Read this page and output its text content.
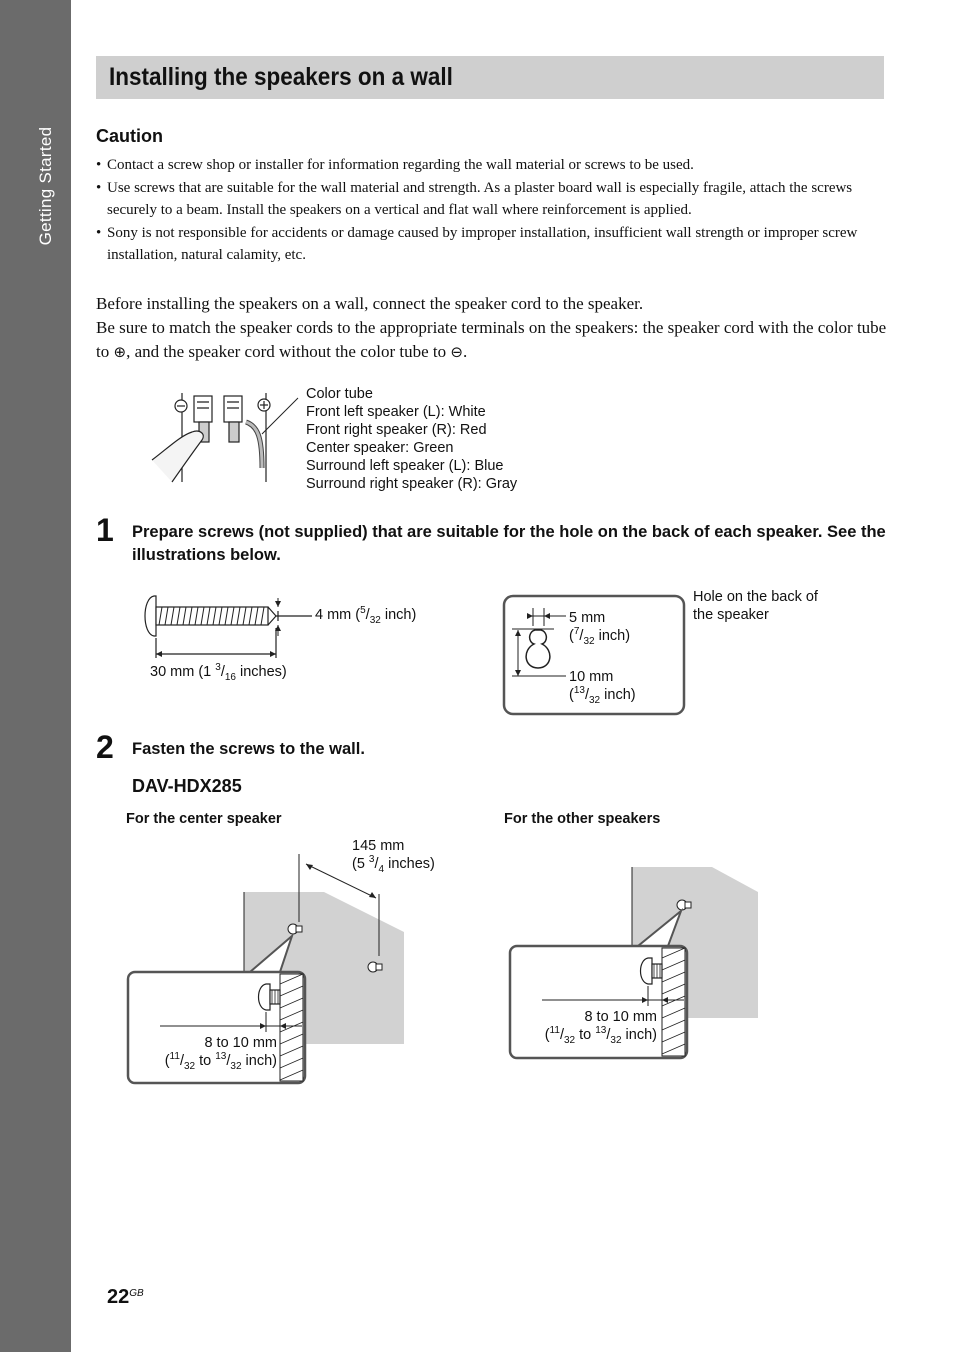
Getting Started
Installing the speakers on a wall
Caution
• Contact a screw shop or installer for information regarding the wall material or screws to be used.
• Use screws that are suitable for the wall material and strength. As a plaster board wall is especially fragile, attach the screws securely to a beam. Install the speakers on a vertical and flat wall where reinforcement is applied.
• Sony is not responsible for accidents or damage caused by improper installation, insufficient wall strength or improper screw installation, natural calamity, etc.

Before installing the speakers on a wall, connect the speaker cord to the speaker.

Be sure to match the speaker cords to the appropriate terminals on the speakers: the speaker cord with the color tube to ⊕, and the speaker cord without the color tube to ⊖.

Color tube
Front left speaker (L): White
Front right speaker (R): Red
Center speaker: Green
Surround left speaker (L): Blue
Surround right speaker (R): Gray
1 Prepare screws (not supplied) that are suitable for the hole on the back of each speaker. See the illustrations below.
4 mm ($^5/_{32}$ inch)
30 mm (1 $^3/_{16}$ inches)
5 mm
($^7/_{32}$ inch)
10 mm
($^{13}/_{32}$ inch)
Hole on the back of
the speaker
2 Fasten the screws to the wall.
DAV-HDX285
For the center speaker	For the other speakers
145 mm
(5 $^3/_4$ inches)
8 to 10 mm
($^{11}/_{32}$ to $^{13}/_{32}$ inch)
8 to 10 mm
($^{11}/_{32}$ to $^{13}/_{32}$ inch)
$22^{GB}$
